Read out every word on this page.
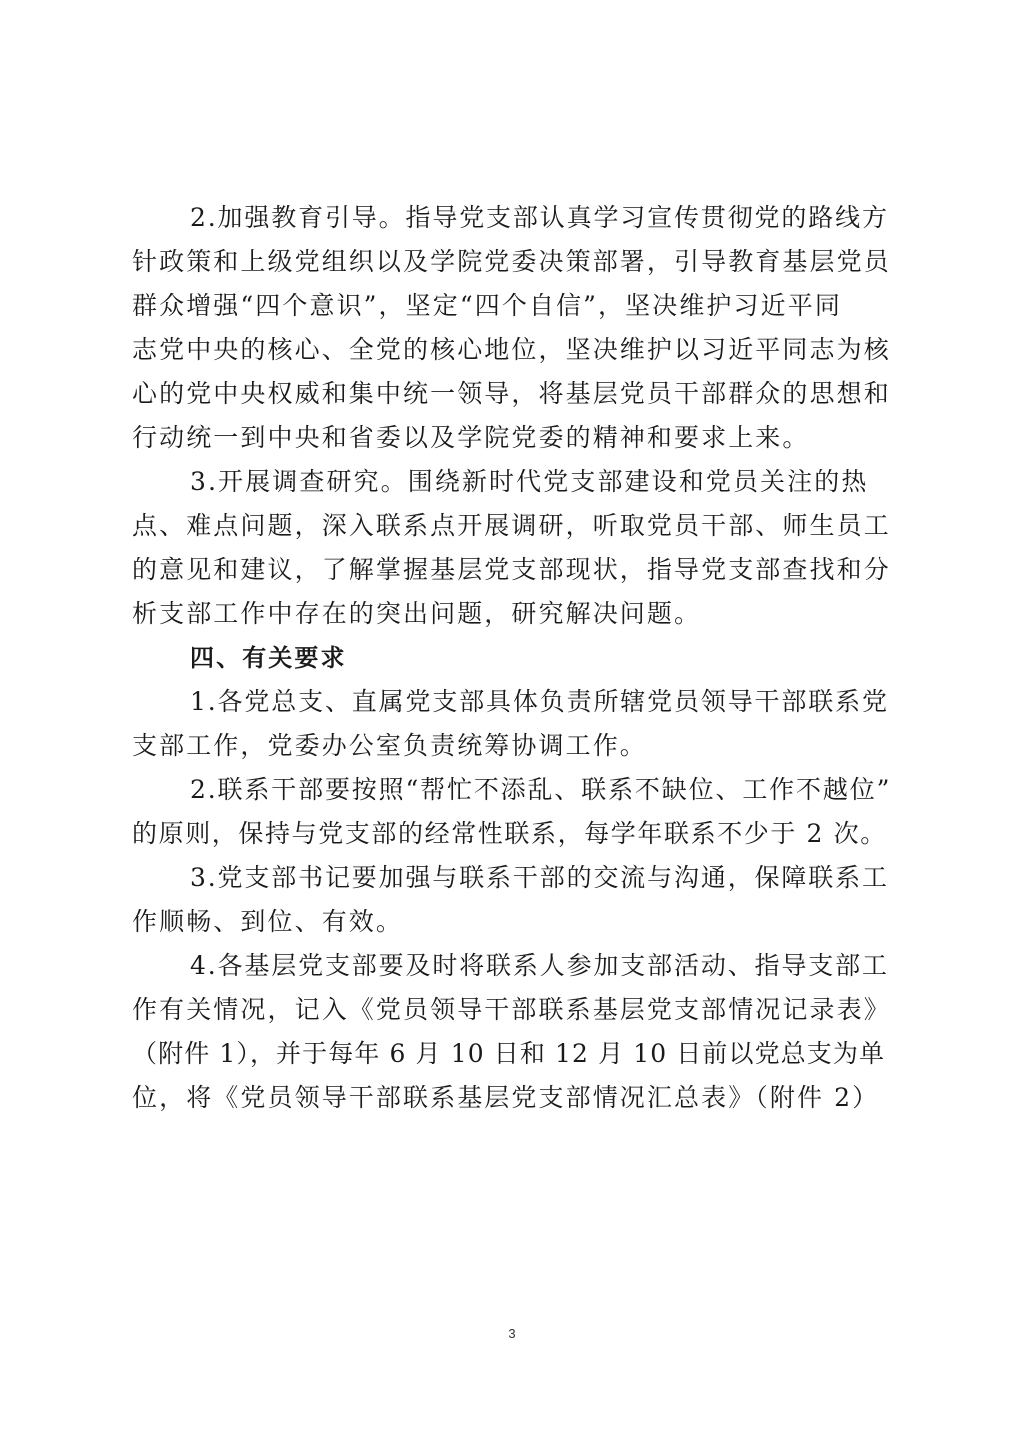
2.加强教育引导。指导党支部认真学习宣传贯彻党的路线方
针政策和上级党组织以及学院党委决策部署，引导教育基层党员
群众增强“四个意识”，坚定“四个自信”，坚决维护习近平同
志党中央的核心、全党的核心地位，坚决维护以习近平同志为核
心的党中央权威和集中统一领导，将基层党员干部群众的思想和
行动统一到中央和省委以及学院党委的精神和要求上来。

3.开展调查研究。围绕新时代党支部建设和党员关注的热
点、难点问题，深入联系点开展调研，听取党员干部、师生员工
的意见和建议，了解掌握基层党支部现状，指导党支部查找和分
析支部工作中存在的突出问题，研究解决问题。

四、有关要求

1.各党总支、直属党支部具体负责所辖党员领导干部联系党
支部工作，党委办公室负责统筹协调工作。

2.联系干部要按照“帮忙不添乱、联系不缺位、工作不越位”
的原则，保持与党支部的经常性联系，每学年联系不少于 2 次。

3.党支部书记要加强与联系干部的交流与沟通，保障联系工
作顺畅、到位、有效。

4.各基层党支部要及时将联系人参加支部活动、指导支部工
作有关情况，记入《党员领导干部联系基层党支部情况记录表》
（附件 1），并于每年 6 月 10 日和 12 月 10 日前以党总支为单
位，将《党员领导干部联系基层党支部情况汇总表》（附件 2）

3
